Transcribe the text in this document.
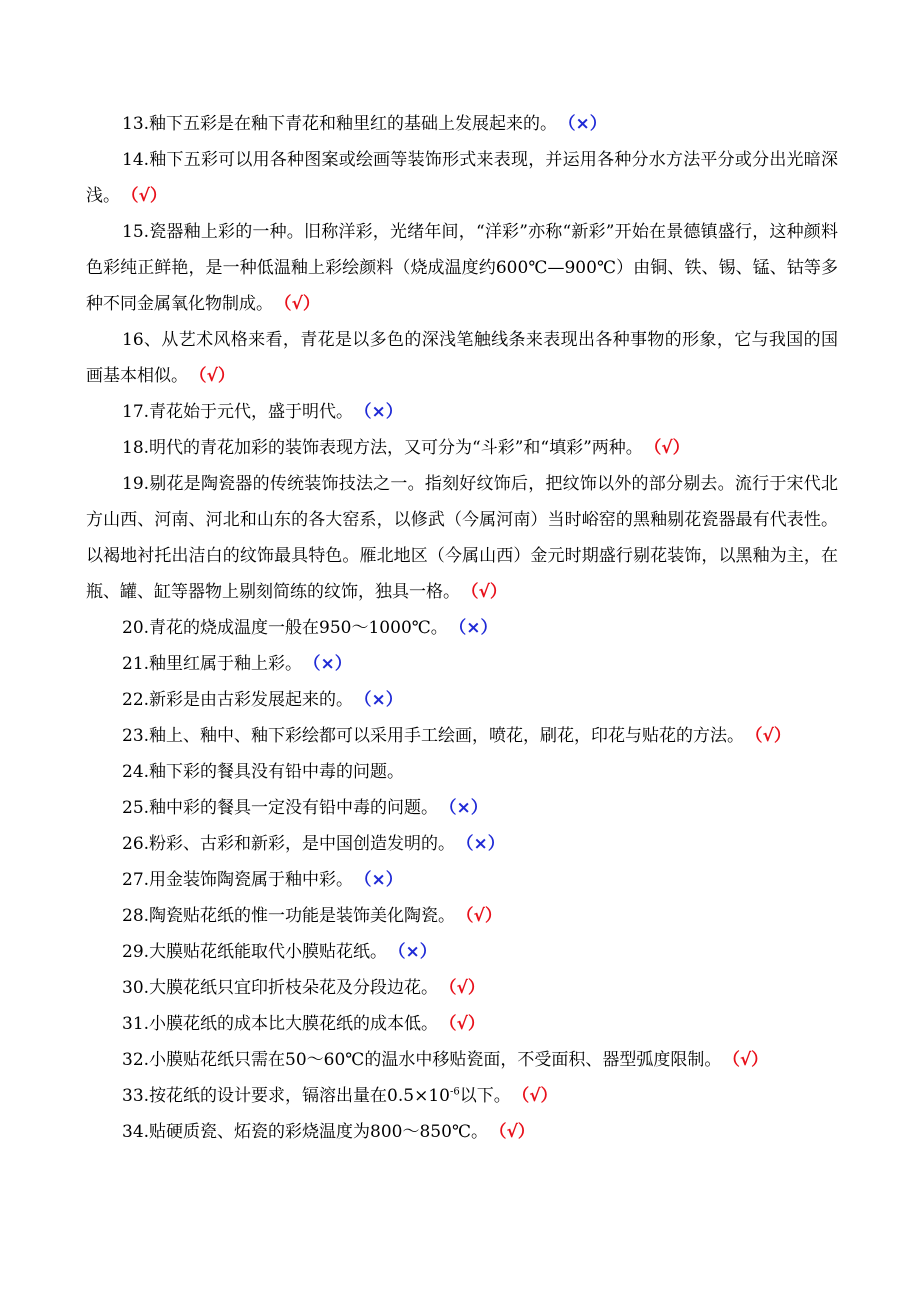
13.釉下五彩是在釉下青花和釉里红的基础上发展起来的。 （×）

14.釉下五彩可以用各种图案或绘画等装饰形式来表现，并运用各种分水方法平分或分出光暗深浅。 （√）

15.瓷器釉上彩的一种。旧称洋彩，光绪年间，“洋彩”亦称“新彩”开始在景德镇盛行，这种颜料色彩纯正鲜艳，是一种低温釉上彩绘颜料（烧成温度约600℃—900℃）由铜、铁、锡、锰、钴等多种不同金属氧化物制成。 （√）

16、从艺术风格来看，青花是以多色的深浅笔触线条来表现出各种事物的形象，它与我国的国画基本相似。 （√）

17.青花始于元代，盛于明代。 （×）

18.明代的青花加彩的装饰表现方法，又可分为“斗彩”和“填彩”两种。 （√）

19.剔花是陶瓷器的传统装饰技法之一。指刻好纹饰后，把纹饰以外的部分剔去。流行于宋代北方山西、河南、河北和山东的各大窑系，以修武（今属河南）当时峪窑的黑釉剔花瓷器最有代表性。以褐地衬托出洁白的纹饰最具特色。雁北地区（今属山西）金元时期盛行剔花装饰，以黑釉为主，在瓶、罐、缸等器物上剔刻简练的纹饰，独具一格。 （√）

20.青花的烧成温度一般在950～1000℃。 （×）

21.釉里红属于釉上彩。 （×）

22.新彩是由古彩发展起来的。 （×）

23.釉上、釉中、釉下彩绘都可以采用手工绘画，喷花，刷花，印花与贴花的方法。 （√）

24.釉下彩的餐具没有铅中毒的问题。

25.釉中彩的餐具一定没有铅中毒的问题。 （×）

26.粉彩、古彩和新彩，是中国创造发明的。 （×）

27.用金装饰陶瓷属于釉中彩。 （×）

28.陶瓷贴花纸的惟一功能是装饰美化陶瓷。 （√）

29.大膜贴花纸能取代小膜贴花纸。 （×）

30.大膜花纸只宜印折枝朵花及分段边花。 （√）

31.小膜花纸的成本比大膜花纸的成本低。 （√）

32.小膜贴花纸只需在50～60℃的温水中移贴瓷面，不受面积、器型弧度限制。 （√）

33.按花纸的设计要求，镉溶出量在$0.5\times 10^{-6}$以下。 （√）

34.贴硬质瓷、炻瓷的彩烧温度为800～850℃。 （√）
